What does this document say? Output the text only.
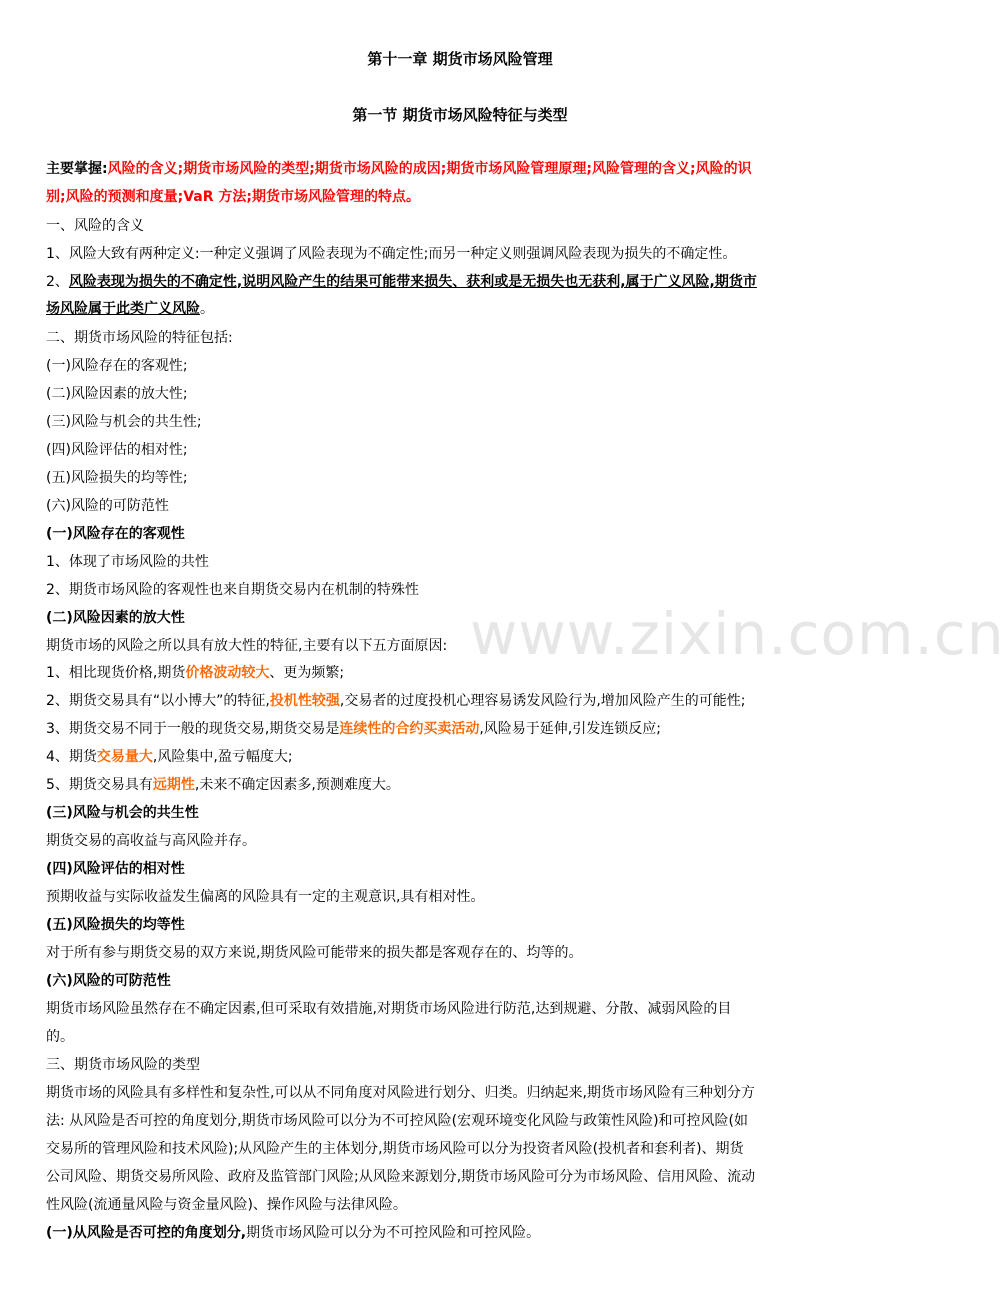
www.zixin.com.cn
第十一章 期货市场风险管理
第一节 期货市场风险特征与类型
主要掌握:风险的含义;期货市场风险的类型;期货市场风险的成因;期货市场风险管理原理;风险管理的含义;风险的识
别;风险的预测和度量;VaR 方法;期货市场风险管理的特点。
一、风险的含义
1、风险大致有两种定义:一种定义强调了风险表现为不确定性;而另一种定义则强调风险表现为损失的不确定性。
2、风险表现为损失的不确定性,说明风险产生的结果可能带来损失、获利或是无损失也无获利,属于广义风险,期货市
场风险属于此类广义风险。
二、期货市场风险的特征包括:
(一)风险存在的客观性;
(二)风险因素的放大性;
(三)风险与机会的共生性;
(四)风险评估的相对性;
(五)风险损失的均等性;
(六)风险的可防范性
(一)风险存在的客观性
1、体现了市场风险的共性
2、期货市场风险的客观性也来自期货交易内在机制的特殊性
(二)风险因素的放大性
期货市场的风险之所以具有放大性的特征,主要有以下五方面原因:
1、相比现货价格,期货价格波动较大、更为频繁;
2、期货交易具有“以小博大”的特征,投机性较强,交易者的过度投机心理容易诱发风险行为,增加风险产生的可能性;
3、期货交易不同于一般的现货交易,期货交易是连续性的合约买卖活动,风险易于延伸,引发连锁反应;
4、期货交易量大,风险集中,盈亏幅度大;
5、期货交易具有远期性,未来不确定因素多,预测难度大。
(三)风险与机会的共生性
期货交易的高收益与高风险并存。
(四)风险评估的相对性
预期收益与实际收益发生偏离的风险具有一定的主观意识,具有相对性。
(五)风险损失的均等性
对于所有参与期货交易的双方来说,期货风险可能带来的损失都是客观存在的、均等的。
(六)风险的可防范性
期货市场风险虽然存在不确定因素,但可采取有效措施,对期货市场风险进行防范,达到规避、分散、减弱风险的目
的。
三、期货市场风险的类型
期货市场的风险具有多样性和复杂性,可以从不同角度对风险进行划分、归类。归纳起来,期货市场风险有三种划分方
法: 从风险是否可控的角度划分,期货市场风险可以分为不可控风险(宏观环境变化风险与政策性风险)和可控风险(如
交易所的管理风险和技术风险);从风险产生的主体划分,期货市场风险可以分为投资者风险(投机者和套利者)、期货
公司风险、期货交易所风险、政府及监管部门风险;从风险来源划分,期货市场风险可分为市场风险、信用风险、流动
性风险(流通量风险与资金量风险)、操作风险与法律风险。
(一)从风险是否可控的角度划分,期货市场风险可以分为不可控风险和可控风险。
